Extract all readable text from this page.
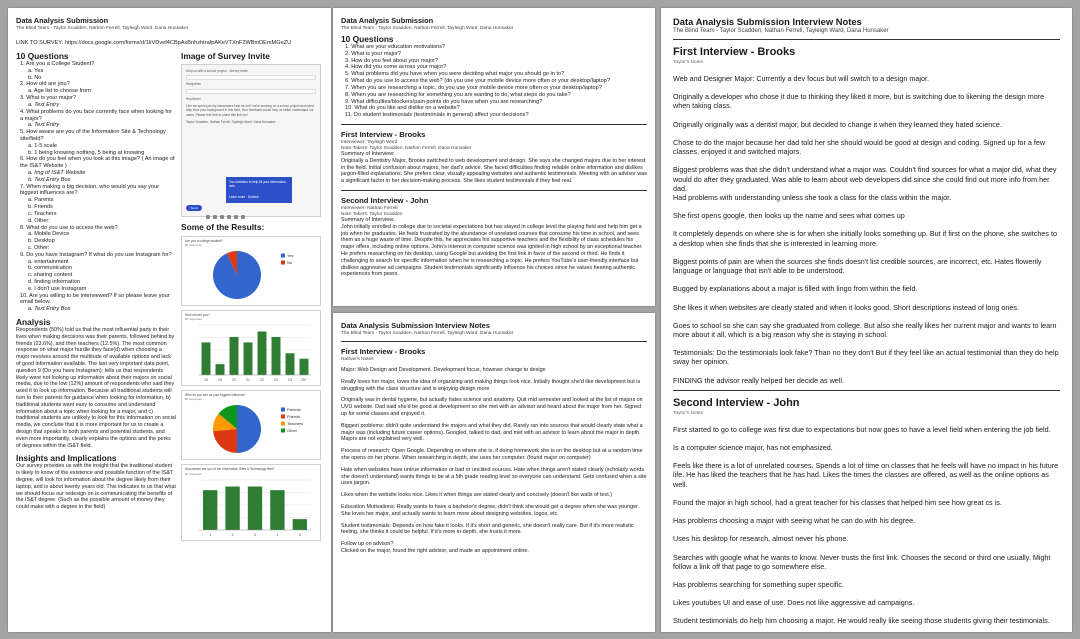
Data Analysis Submission
The Blind Team - Taylor Scadden, Nathan Ferrell, Tayleigh Ward, Dana Hunsaker
LINK TO SURVEY: https://docs.google.com/forms/d/1kVDvef4CBpAxBnhzhtrafpAKeVTXnF2WBmDEmMGeZU
10 Questions
1. Are you a College Student?
a. Yes
b. No
2. How old are you?
a. Age list to choose from
3. What is your major?
a. Text Entry
4. What problems do you face currently face when looking for a major?
a. Text Entry
5. How aware are you of the Information Site & Technology site/field?
a. 1-5 scale
b. 1 being knowing nothing, 5 being at knowing
6. How do you feel when you look at this image? ( An image of the IS&T Website )
a. Img of IS&T Website
b. Text Entry Box
7. When making a big decision, who would you say your biggest influences are?
a. Parents
b. Friends
c. Teachers
d. Other:
8. What do you use to access the web?
a. Mobile Device
b. Desktop
c. Other:
9. Do you have Instagram? If what do you use Instagram for?
a. entertainment
b. communication
c. sharing content
d. finding information
e. I don't use Instagram
10. Are you willing to be interviewed? If so please leave your email below.
a. Text Entry Box
Analysis
Respondents (50%) told us that the most influential party in their lives when making decisions was their parents, followed behind by friends (23.6%), and then teachers (12.5%). The most common response on what major hurdle they face(d) when choosing a major revolves around the multitude of available options and lack of good information available. The last very important data point, question 9 (Do you have Instagram); tells us that respondents likely were not looking up information about their majors on social media, due to the low (12%) amount of respondents who said they used it to look up information. Because all traditional students will turn to their parents for guidance when looking for information, b) traditional students want easy to consume and understand information about a topic when looking for a major, and c) traditional students are unlikely to look for this information on social media, we conclude that it is more important for us to create a design that speaks to both parents and potential students, and even more importantly, clearly explains the options and the perks of degrees within the IS&T field.
Insights and Implications
Our survey provides us with the insight that the traditional student is likely to know of the existence and possible function of the IS&T degree, will look for information about the degree likely from their laptop, and is about twenty years old. This indicates to us that what we should focus our redesign on is communicating the benefits of the IS&T degree. (Such as the possible amount of money they could make with a degree in the field)
Image of Survey Invite
Help us with a school project - Survey invite
Recipients
Hey there!
Like we spent just my classmates help us out? we're working on a school project and need help from your background in this field. Your feedback would help us better understand our users. Please feel free to share this link too!
Taylor Scadden, Nathan Ferrell, Tayleigh Ward, Dana Hunsaker
You invitation to help fill your information sets
Learn more Decline
Send
Some of the Results:
Are you a college student?
56 responses
Yes
No
How old are you?
56 responses
18	19	20	21	22	23	24 25+
Who do you see as your biggest influence?
56 responses
Parents
Friends
Teachers
Other
How aware are you of the Information Sites & Technology field?
56 responses
1	2	3	4	5
Data Analysis Submission
The Blind Team - Taylor Scadden, Nathan Ferrell, Tayleigh Ward, Dana Hunsaker
10 Questions
1. What are your education motivations?
2. What is your major?
3. How do you feel about your major?
4. How did you come across your major?
5. What problems did you have when you were deciding what major you should go in to?
6. What do you use to access the web? (do you use your mobile device more often or your desktop/laptop?
7. When you are researching a topic, do you use your mobile device more often or your desktop/laptop?
8. When you are researching for something you are wanting to do, what steps do you take?
9. What difficulties/blockers/pain points do you have when you are researching?
10. What do you like and dislike on a website?
11. Do student testimonials (testimonials in general) affect your decisions?
First Interview - Brooks
Interviewer: Tayleigh Ward
Note-Takers: Taylor Scadden, Nathan Ferrell, Dana Hunsaker
Summary of Interview:
Originally a Dentistry Major, Brooks switched to web development and design. She says she changed majors due to her interest in the field. Initial confusion about majors, her dad's advice. She faced difficulties finding reliable online information and dislikes jargon-filled explanations. She prefers clear, visually appealing websites and authentic testimonials. Meeting with an advisor was a significant factor in her decision-making process. She likes student testimonials if they feel real.
Second Interview - John
Interviewer: Nathan Ferrell
Note-Takers: Taylor Scadden
Summary of Interview:
John initially enrolled in college due to societal expectations but has stayed in college level the playing field and help him get a job when he graduates. He feels frustrated by the abundance of unrelated courses that consume his time in school, and sees them as a huge waste of time. Despite this, he appreciates his supportive teachers and the flexibility of class schedules his major offers, including online options. John's interest in computer science was ignited in high school by an exceptional teacher. He prefers researching on his desktop, using Google but avoiding the first link in favor of the second or third. He finds it challenging to search for specific information when he is researching a topic. He prefers YouTube's user-friendly interface but dislikes aggressive ad campaigns. Student testimonials significantly influence his choices since he values hearing authentic experiences from peers.
Data Analysis Submission Interview Notes
The Blind Team - Taylor Scadden, Nathan Ferrell, Tayleigh Ward, Dana Hunsaker
First Interview - Brooks
Nathan's Notes
Major: Web Design and Development. Development focus, however change to design
Really loves her major, loves the idea of organizing and making things look nice. Initially thought she'd like development but is struggling with the class structure and is enjoying design more
Originally was in dental hygiene, but actually hates science and anatomy. Quit mid semester and looked at the list of majors on UVU website. Dad said she'd be good at development so she met with an advisor and heard about the major from her. Signed up for some classes and enjoyed it.
Biggest problems: didn't quite understand the majors and what they did. Rarely ran into sources that would clearly state what a major was (including future career options). Googled, talked to dad, and met with an advisor to learn about the major in depth. Majors are not explained very well.
Process of research: Open Google. Depending on where she is, if doing homework she is on the desktop but at a random time she opens on her phone. When researching in depth, she uses her computer. (found major on computer)
Hate when websites have untrue information or bad or unciited sources. Hate when things aren't stated clearly (scholarly words she doesn't understand) wants things to be at a 5th grade reading level so everyone can understand. Gets confused when a site uses jargon.
Likes when the website looks nice. Likes it when things are stated clearly and concisely (doesn't like walls of text.)
Education Motivations: Really wants to have a bachelor's degree, didn't think she would get a degree when she was younger. She loves her major, and actually wants to learn more about designing websites, logos, etc.
Student testimonials: Depends on how fake it looks. If it's short and generic, she doesn't really care. But if it's more realistic feeling, she thinks it could be helpful. If it's more in-depth, she trusts it more.
Follow up on advisor?
Clicked on the major, found the right advisor, and made an appointment online.
Data Analysis Submission Interview Notes
The Blind Team - Taylor Scadden, Nathan Ferrell, Tayleigh Ward, Dana Hunsaker
First Interview - Brooks
Taylor's Notes
Web and Designer Major: Currently a dev focus but will switch to a design major.
Originally a developer who chose it due to thinking they liked it more, but is switching due to likening the design more when taking class.
Originally originally was a dentist major, but decided to change it when they learned they hated science.
Chose to do the major because her dad told her she should would be good at design and coding. Signed up for a few classes, enjoyed it and switched majors.
Biggest problems was that she didn't understand what a major was. Couldn't find sources for what a major did, what they would do after they graduated. Was able to learn about web developers did since she could find out more info from her dad.
Had problems with understanding unless she took a class for the class within the major.
She first opens google, then looks up the name and sees what comes up
It completely depends on where she is for when she initially looks something up. But if first on the phone, she switches to a desktop when she finds that she is interested in learning more.
Biggest points of pain are when the sources she finds doesn't list credible sources, are incorrect, etc. Hates flowerily language or language that isn't able to be understood.
Bugged by explanations about a major is filled with lingo from within the field.
She likes it when websites are clearly stated and when it looks good. Short descriptions instead of long ones.
Goes to school so she can say she graduated from college. But also she really likes her current major and wants to learn more about it all, which is a big reason why she is staying in school.
Testimonials: Do the testimonials look fake? Than no they don't But if they feel like an actual testimonial than they do help sway her opinion.
FINDING the advisor really helped her decide as well.
Second Interview - John
Taylor's Notes
First started to go to college was first due to expectations but now goes to have a level field when entering the job field.
Is a computer science major, has not emphasized.
Feels like there is a lot of unrelated courses. Spends a lot of time on classes that he feels will have no impact in his future life. He has liked the teachers that he has had. Likes the times the classes are offered, as well as the online options as well.
Found the major in high school, had a great teacher for his classes that helped him see how great cs is.
Has problems choosing a major with seeing what he can do with his degree.
Uses his desktop for research, almost never his phone.
Searches with google what he wants to know. Never trusts the first link. Chooses the second or third one usually. Might follow a link off that page to go somewhere else.
Has problems searching for something super specific.
Likes youtubes UI and ease of use. Does not like aggressive ad campaigns.
Student testimonials do help him choosing a major. He would really like seeing those students giving their testimonials.
